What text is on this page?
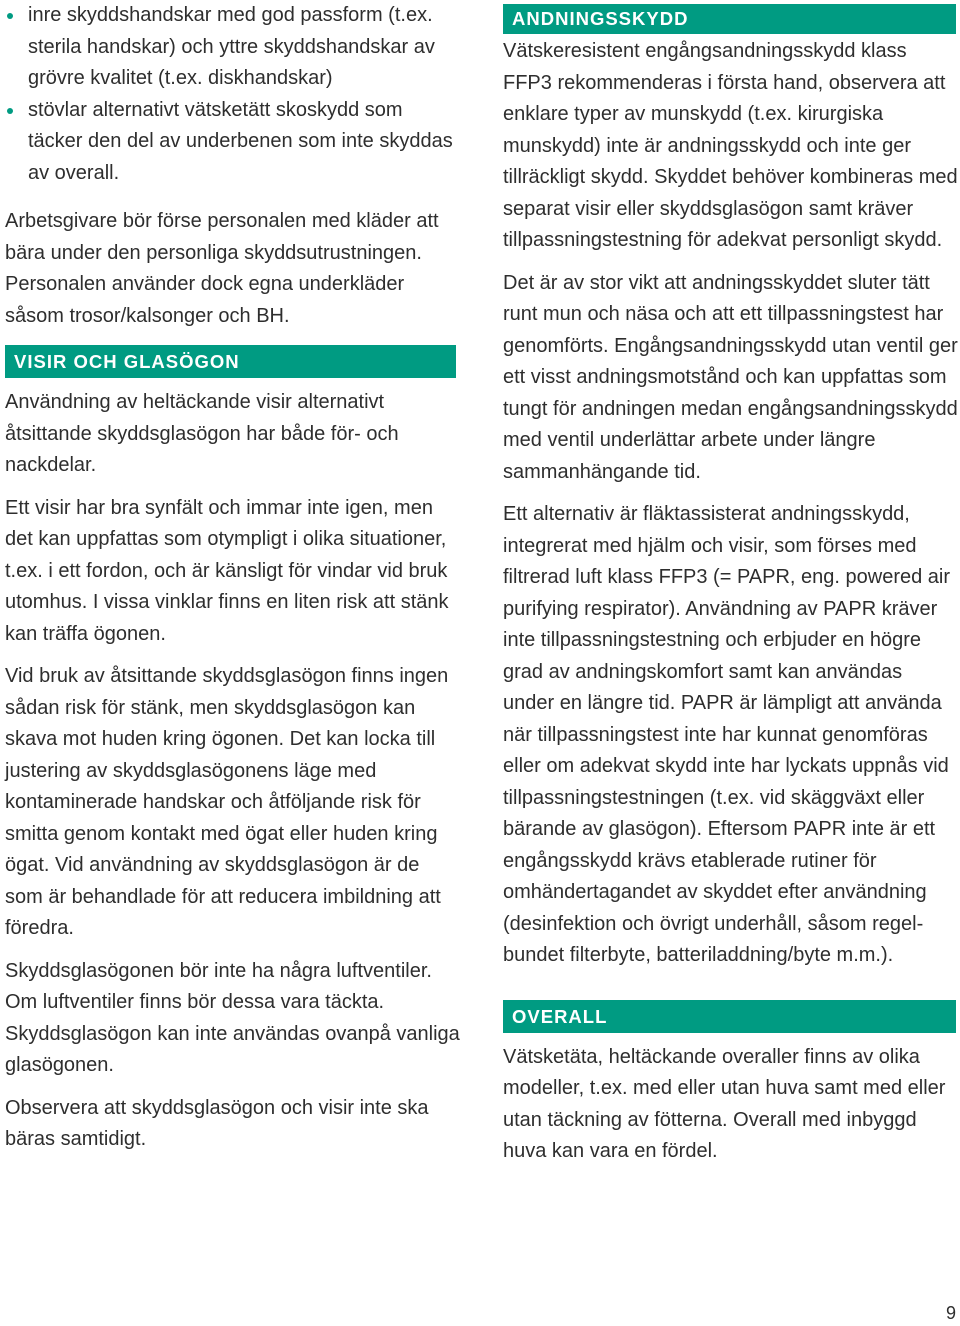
inre skyddshandskar med god passform (t.ex. sterila handskar) och yttre skyddshandskar av grövre kvalitet (t.ex. diskhandskar)
stövlar alternativt vätsketätt skoskydd som täcker den del av underbenen som inte skyddas av overall.

Arbetsgivare bör förse personalen med kläder att bära under den personliga skyddsutrustningen. Personalen använder dock egna underkläder såsom trosor/kalsonger och BH.

VISIR OCH GLASÖGON

Användning av heltäckande visir alternativt åtsittande skyddsglasögon har både för- och nackdelar.

Ett visir har bra synfält och immar inte igen, men det kan uppfattas som otympligt i olika situationer, t.ex. i ett fordon, och är känsligt för vindar vid bruk utomhus. I vissa vinklar finns en liten risk att stänk kan träffa ögonen.

Vid bruk av åtsittande skyddsglasögon finns ingen sådan risk för stänk, men skyddsglasögon kan skava mot huden kring ögonen. Det kan locka till justering av skyddsglasögonens läge med kontaminerade handskar och åtföljande risk för smitta genom kontakt med ögat eller huden kring ögat. Vid användning av skyddsglasögon är de som är behandlade för att reducera imbildning att föredra.

Skyddsglasögonen bör inte ha några luftventiler. Om luftventiler finns bör dessa vara täckta. Skyddsglasögon kan inte användas ovanpå vanliga glasögonen.

Observera att skyddsglasögon och visir inte ska bäras samtidigt.

ANDNINGSSKYDD

Vätskeresistent engångsandningsskydd klass FFP3 rekommenderas i första hand, observera att enklare typer av munskydd (t.ex. kirurgiska munskydd) inte är andningsskydd och inte ger tillräckligt skydd. Skyddet behöver kombineras med separat visir eller skyddsglasögon samt kräver tillpassningstestning för adekvat personligt skydd.

Det är av stor vikt att andningsskyddet sluter tätt runt mun och näsa och att ett tillpassningstest har genomförts. Engångsandningsskydd utan ventil ger ett visst andningsmotstånd och kan uppfattas som tungt för andningen medan engångsandningsskydd med ventil underlättar arbete under längre sammanhängande tid.

Ett alternativ är fläktassisterat andningsskydd, integrerat med hjälm och visir, som förses med filtrerad luft klass FFP3 (= PAPR, eng. powered air purifying respirator). Användning av PAPR kräver inte tillpassningstestning och erbjuder en högre grad av andningskomfort samt kan användas under en längre tid. PAPR är lämpligt att använda när tillpassningstest inte har kunnat genomföras eller om adekvat skydd inte har lyckats uppnås vid tillpassningstestningen (t.ex. vid skäggväxt eller bärande av glasögon). Eftersom PAPR inte är ett engångsskydd krävs etablerade rutiner för omhändertagandet av skyddet efter användning (desinfektion och övrigt underhåll, såsom regelbundet filterbyte, batteriladdning/byte m.m.).

OVERALL

Vätsketäta, heltäckande overaller finns av olika modeller, t.ex. med eller utan huva samt med eller utan täckning av fötterna. Overall med inbyggd huva kan vara en fördel.

9
